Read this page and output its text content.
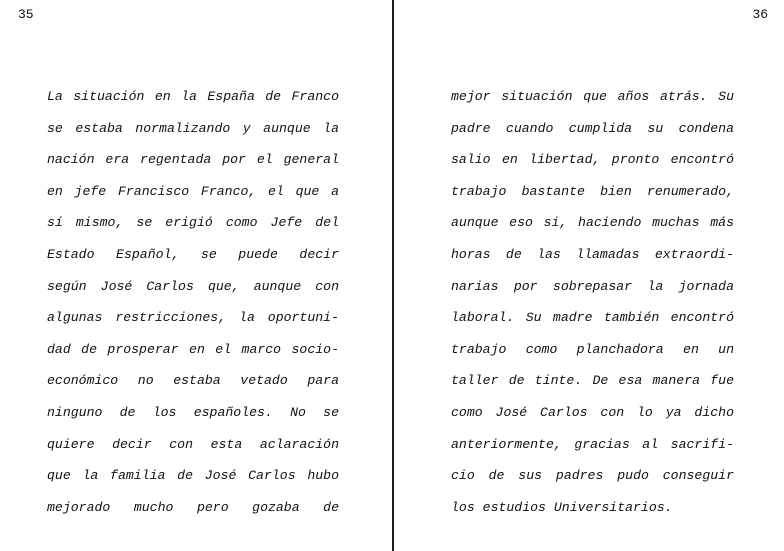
35
La situación en la España de Franco
se estaba normalizando y aunque la
nación era regentada por el general
en jefe Francisco Franco, el que a
sí mismo, se erigió como Jefe del
Estado Español, se puede decir
según José Carlos que, aunque con
algunas restricciones, la oportuni-
dad de prosperar en el marco socio-
económico no estaba vetado para
ninguno de los españoles. No se
quiere decir con esta aclaración
que la familia de José Carlos hubo
mejorado mucho pero gozaba de
36
mejor situación que años atrás. Su
padre cuando cumplida su condena
salio en libertad, pronto encontró
trabajo bastante bien renumerado,
aunque eso si, haciendo muchas más
horas de las llamadas extraordi-
narias por sobrepasar la jornada
laboral. Su madre también encontró
trabajo como planchadora en un
taller de tinte. De esa manera fue
como José Carlos con lo ya dicho
anteriormente, gracias al sacrifi-
cio de sus padres pudo conseguir
los estudios Universitarios.
